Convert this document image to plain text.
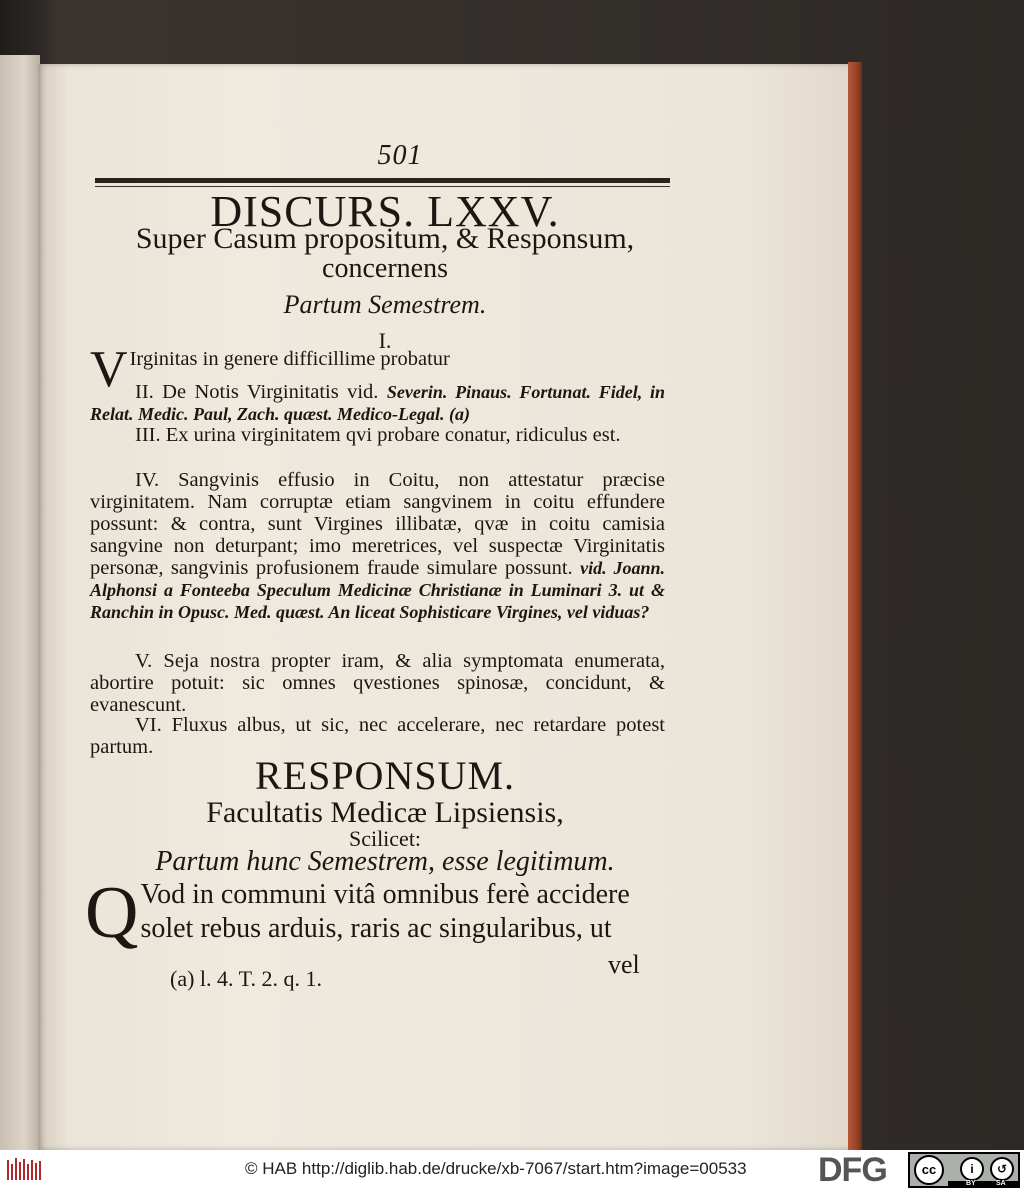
501
DISCURS. LXXV.
Super Casum propositum, & Responsum,
concernens
Partum Semestrem.
I.
V Irginitas in genere difficillime probatur
II. De Notis Virginitatis vid. Severin. Pinaus. Fortunat. Fidel, in Relat. Medic. Paul, Zach. quæst. Medico-Legal. (a)
III. Ex urina virginitatem qvi probare conatur, ridiculus est.
IV. Sangvinis effusio in Coitu, non attestatur præcise virginitatem. Nam corruptæ etiam sangvinem in coitu effundere possunt: & contra, sunt Virgines illibatæ, qvæ in coitu camisia sangvine non deturpant; imo meretrices, vel suspectæ Virginitatis personæ, sangvinis profusionem fraude simulare possunt. vid. Joann. Alphonsi a Fonteeba Speculum Medicinæ Christianæ in Luminari 3. ut & Ranchin in Opusc. Med. quæst. An liceat Sophisticare Virgines, vel viduas?
V. Seja nostra propter iram, & alia symptomata enumerata, abortire potuit: sic omnes qvestiones spinosæ, concidunt, & evanescunt.
VI. Fluxus albus, ut sic, nec accelerare, nec retardare potest partum.
RESPONSUM.
Facultatis Medicæ Lipsiensis,
Scilicet:
Partum hunc Semestrem, esse legitimum.
Q Vod in communi vitâ omnibus ferè accidere solet rebus arduis, raris ac singularibus, ut
vel
(a) l. 4. T. 2. q. 1.
© HAB http://diglib.hab.de/drucke/xb-7067/start.htm?image=00533 DFG	cc	i	↺
BY	SA
